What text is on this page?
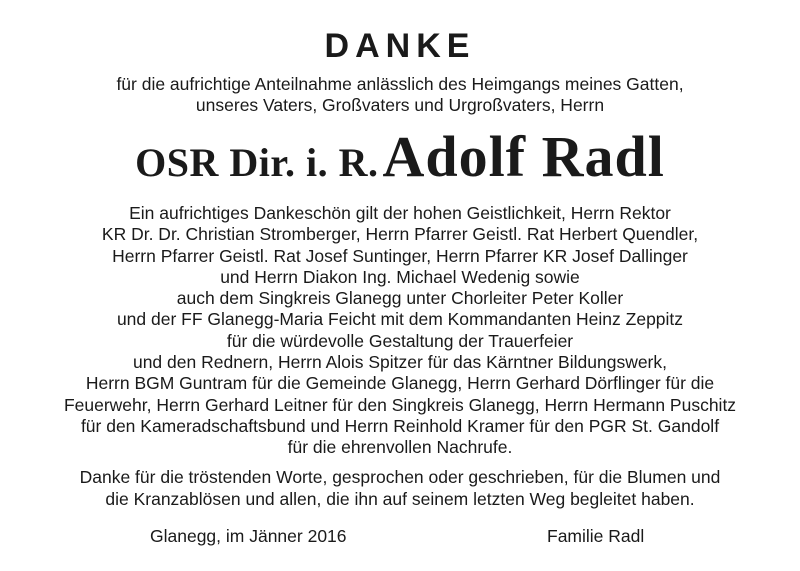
DANKE
für die aufrichtige Anteilnahme anlässlich des Heimgangs meines Gatten,
unseres Vaters, Großvaters und Urgroßvaters, Herrn
OSR Dir. i. R. Adolf Radl
Ein aufrichtiges Dankeschön gilt der hohen Geistlichkeit, Herrn Rektor
KR Dr. Dr. Christian Stromberger, Herrn Pfarrer Geistl. Rat Herbert Quendler,
Herrn Pfarrer Geistl. Rat Josef Suntinger, Herrn Pfarrer KR Josef Dallinger
und Herrn Diakon Ing. Michael Wedenig sowie
auch dem Singkreis Glanegg unter Chorleiter Peter Koller
und der FF Glanegg-Maria Feicht mit dem Kommandanten Heinz Zeppitz
für die würdevolle Gestaltung der Trauerfeier
und den Rednern, Herrn Alois Spitzer für das Kärntner Bildungswerk,
Herrn BGM Guntram für die Gemeinde Glanegg, Herrn Gerhard Dörflinger für die
Feuerwehr, Herrn Gerhard Leitner für den Singkreis Glanegg, Herrn Hermann Puschitz
für den Kameradschaftsbund und Herrn Reinhold Kramer für den PGR St. Gandolf
für die ehrenvollen Nachrufe.
Danke für die tröstenden Worte, gesprochen oder geschrieben, für die Blumen und
die Kranzablösen und allen, die ihn auf seinem letzten Weg begleitet haben.
Glanegg, im Jänner 2016	Familie Radl
